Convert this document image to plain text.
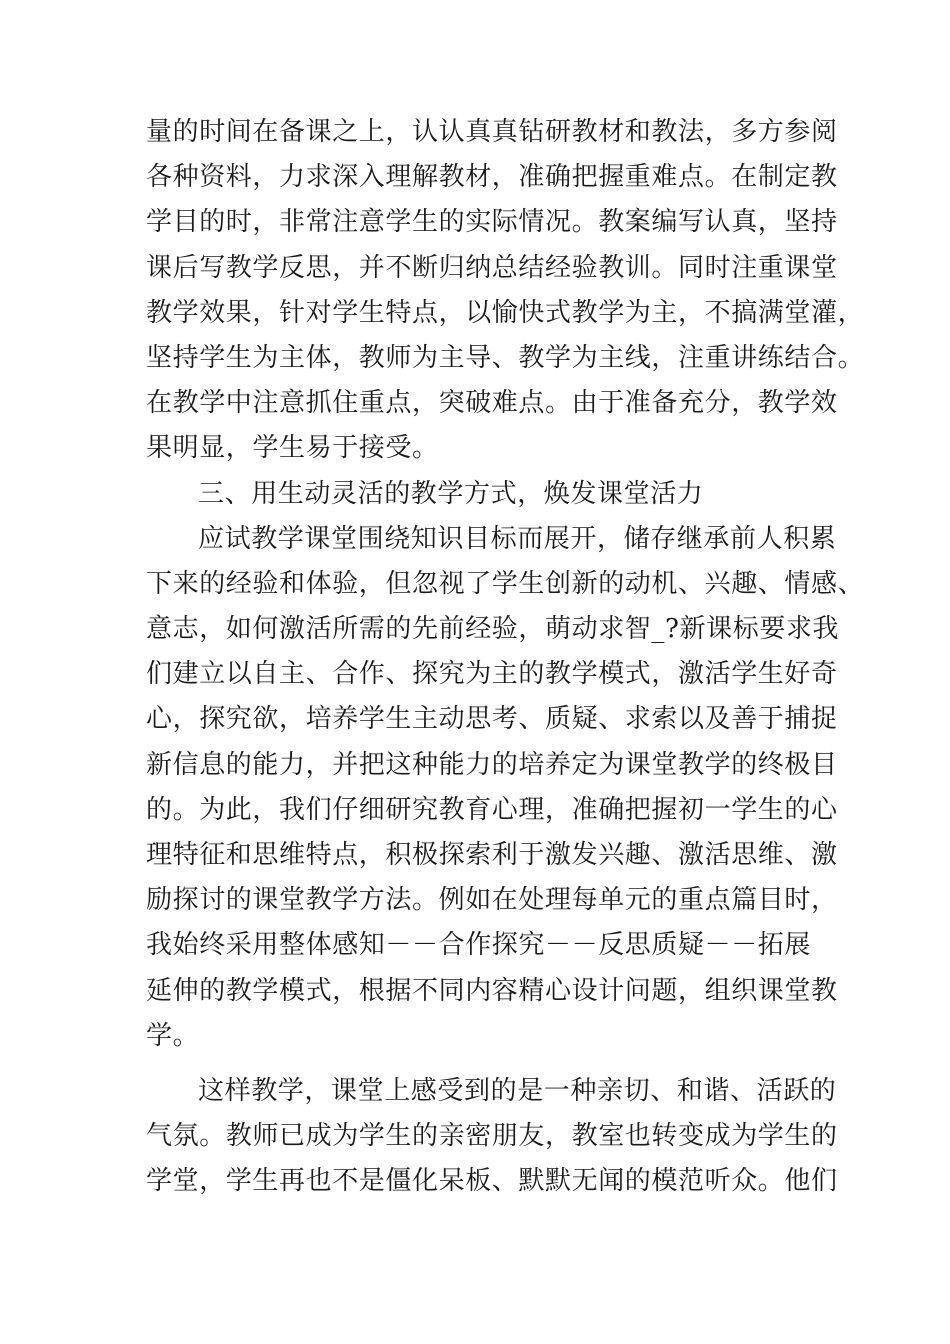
量的时间在备课之上，认认真真钻研教材和教法，多方参阅
各种资料，力求深入理解教材，准确把握重难点。在制定教
学目的时，非常注意学生的实际情况。教案编写认真，坚持
课后写教学反思，并不断归纳总结经验教训。同时注重课堂
教学效果，针对学生特点，以愉快式教学为主，不搞满堂灌，
坚持学生为主体，教师为主导、教学为主线，注重讲练结合。
在教学中注意抓住重点，突破难点。由于准备充分，教学效
果明显，学生易于接受。
三、用生动灵活的教学方式，焕发课堂活力
应试教学课堂围绕知识目标而展开，储存继承前人积累
下来的经验和体验，但忽视了学生创新的动机、兴趣、情感、
意志，如何激活所需的先前经验，萌动求智_?新课标要求我
们建立以自主、合作、探究为主的教学模式，激活学生好奇
心，探究欲，培养学生主动思考、质疑、求索以及善于捕捉
新信息的能力，并把这种能力的培养定为课堂教学的终极目
的。为此，我们仔细研究教育心理，准确把握初一学生的心
理特征和思维特点，积极探索利于激发兴趣、激活思维、激
励探讨的课堂教学方法。例如在处理每单元的重点篇目时，
我始终采用整体感知－－合作探究－－反思质疑－－拓展
延伸的教学模式，根据不同内容精心设计问题，组织课堂教
学。
这样教学，课堂上感受到的是一种亲切、和谐、活跃的
气氛。教师已成为学生的亲密朋友，教室也转变成为学生的
学堂，学生再也不是僵化呆板、默默无闻的模范听众。他们
